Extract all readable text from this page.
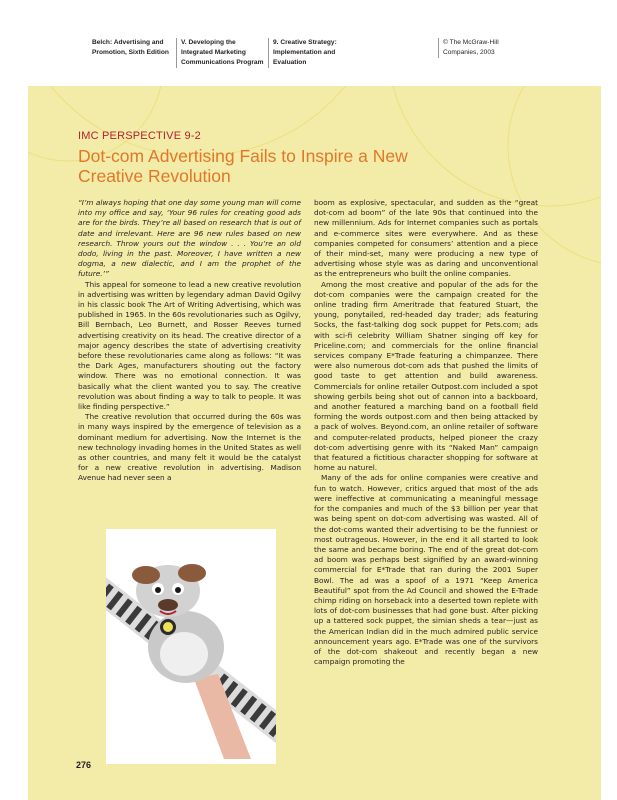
Belch: Advertising and Promotion, Sixth Edition
V. Developing the Integrated Marketing Communications Program
9. Creative Strategy: Implementation and Evaluation
© The McGraw-Hill Companies, 2003
IMC PERSPECTIVE 9-2
Dot-com Advertising Fails to Inspire a New Creative Revolution

“I’m always hoping that one day some young man will come into my office and say, ‘Your 96 rules for creating good ads are for the birds. They’re all based on research that is out of date and irrelevant. Here are 96 new rules based on new research. Throw yours out the window . . . You’re an old dodo, living in the past. Moreover, I have written a new dogma, a new dialectic, and I am the prophet of the future.’”

This appeal for someone to lead a new creative revolution in advertising was written by legendary adman David Ogilvy in his classic book The Art of Writing Advertising, which was published in 1965. In the 60s revolutionaries such as Ogilvy, Bill Bernbach, Leo Burnett, and Rosser Reeves turned advertising creativity on its head. The creative director of a major agency describes the state of advertising creativity before these revolutionaries came along as follows: “It was the Dark Ages, manufacturers shouting out the factory window. There was no emotional connection. It was basically what the client wanted you to say. The creative revolution was about finding a way to talk to people. It was like finding perspective.”

The creative revolution that occurred during the 60s was in many ways inspired by the emergence of television as a dominant medium for advertising. Now the Internet is the new technology invading homes in the United States as well as other countries, and many felt it would be the catalyst for a new creative revolution in advertising. Madison Avenue had never seen a

boom as explosive, spectacular, and sudden as the “great dot-com ad boom” of the late 90s that continued into the new millennium. Ads for Internet companies such as portals and e-commerce sites were everywhere. And as these companies competed for consumers’ attention and a piece of their mind-set, many were producing a new type of advertising whose style was as daring and unconventional as the entrepreneurs who built the online companies.

Among the most creative and popular of the ads for the dot-com companies were the campaign created for the online trading firm Ameritrade that featured Stuart, the young, ponytailed, red-headed day trader; ads featuring Socks, the fast-talking dog sock puppet for Pets.com; ads with sci-fi celebrity William Shatner singing off key for Priceline.com; and commercials for the online financial services company E*Trade featuring a chimpanzee. There were also numerous dot-com ads that pushed the limits of good taste to get attention and build awareness. Commercials for online retailer Outpost.com included a spot showing gerbils being shot out of cannon into a backboard, and another featured a marching band on a football field forming the words outpost.com and then being attacked by a pack of wolves. Beyond.com, an online retailer of software and computer-related products, helped pioneer the crazy dot-com advertising genre with its “Naked Man” campaign that featured a fictitious character shopping for software at home au naturel.

Many of the ads for online companies were creative and fun to watch. However, critics argued that most of the ads were ineffective at communicating a meaningful message for the companies and much of the $3 billion per year that was being spent on dot-com advertising was wasted. All of the dot-coms wanted their advertising to be the funniest or most outrageous. However, in the end it all started to look the same and became boring. The end of the great dot-com ad boom was perhaps best signified by an award-winning commercial for E*Trade that ran during the 2001 Super Bowl. The ad was a spoof of a 1971 “Keep America Beautiful” spot from the Ad Council and showed the E-Trade chimp riding on horseback into a deserted town replete with lots of dot-com businesses that had gone bust. After picking up a tattered sock puppet, the simian sheds a tear—just as the American Indian did in the much admired public service announcement years ago. E*Trade was one of the survivors of the dot-com shakeout and recently began a new campaign promoting the

276
